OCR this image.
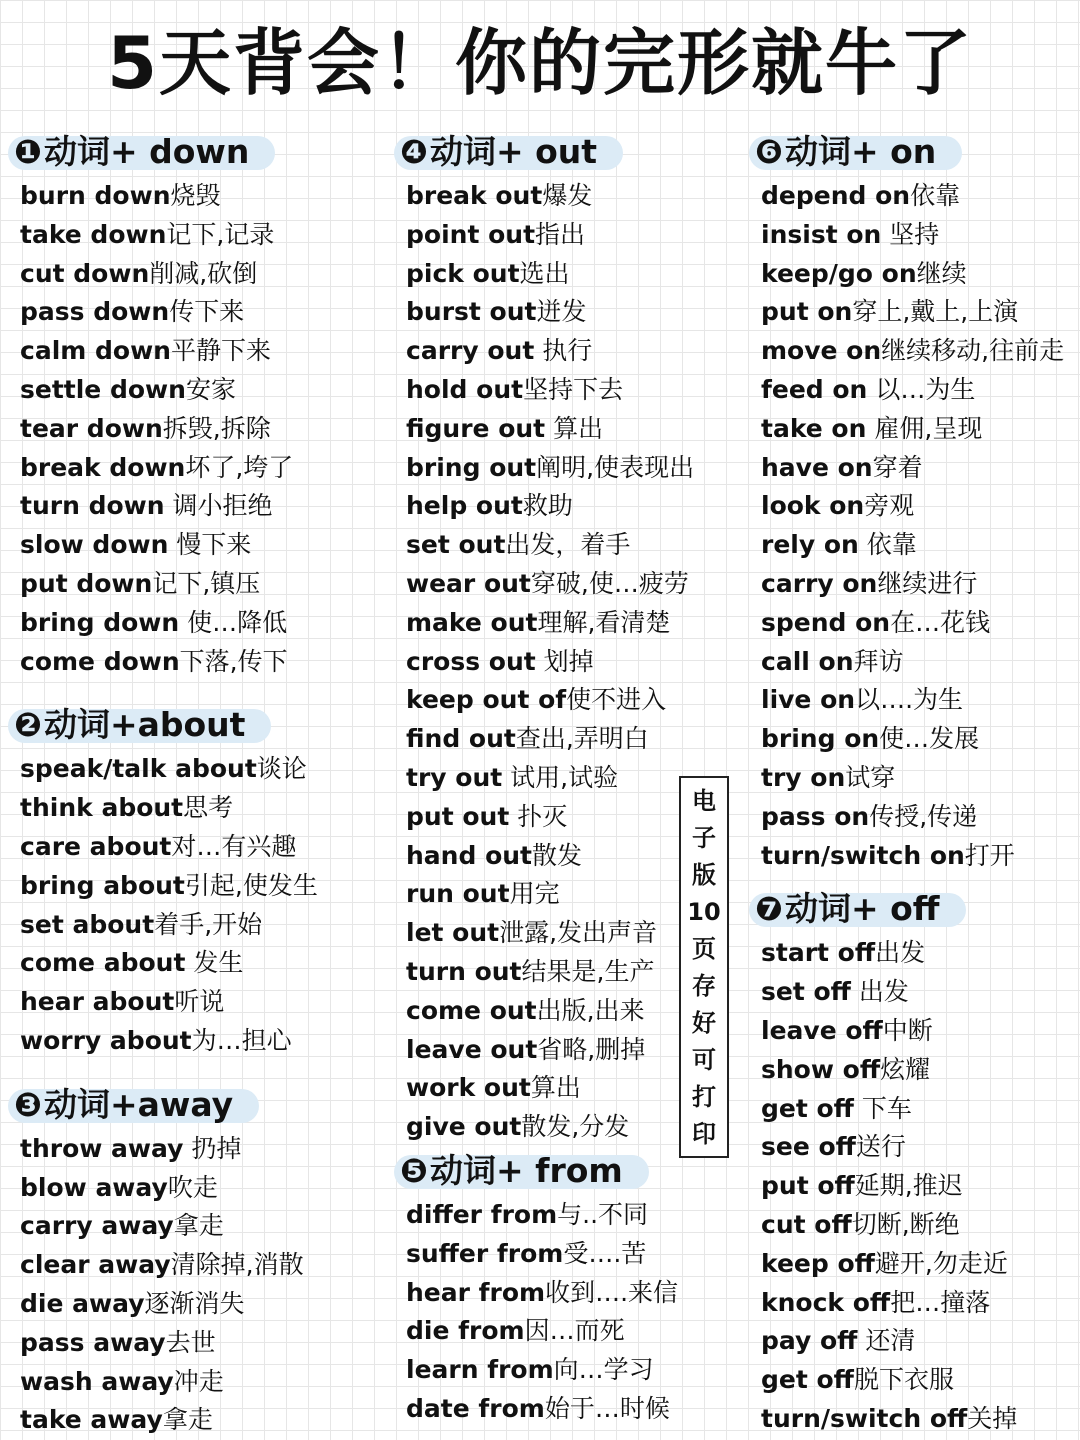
5天背会！你的完形就牛了
❶动词+ down
burn down烧毁
take down记下,记录
cut down削减,砍倒
pass down传下来
calm down平静下来
settle down安家
tear down拆毁,拆除
break down坏了,垮了
turn down 调小拒绝
slow down 慢下来
put down记下,镇压
bring down 使…降低
come down下落,传下
❷动词+about
speak/talk about谈论
think about思考
care about对…有兴趣
bring about引起,使发生
set about着手,开始
come about 发生
hear about听说
worry about为…担心
❸动词+away
throw away 扔掉
blow away吹走
carry away拿走
clear away清除掉,消散
die away逐渐消失
pass away去世
wash away冲走
take away拿走
❹动词+ out
break out爆发
point out指出
pick out选出
burst out迸发
carry out 执行
hold out坚持下去
figure out 算出
bring out阐明,使表现出
help out救助
set out出发，着手
wear out穿破,使…疲劳
make out理解,看清楚
cross out 划掉
keep out of使不进入
find out查出,弄明白
try out 试用,试验
put out 扑灭
hand out散发
run out用完
let out泄露,发出声音
turn out结果是,生产
come out出版,出来
leave out省略,删掉
work out算出
give out散发,分发
❺动词+ from
differ from与..不同
suffer from受….苦
hear from收到….来信
die from因…而死
learn from向…学习
date from始于…时候
❻动词+ on
depend on依靠
insist on 坚持
keep/go on继续
put on穿上,戴上,上演
move on继续移动,往前走
feed on 以…为生
take on 雇佣,呈现
have on穿着
look on旁观
rely on 依靠
carry on继续进行
spend on在…花钱
call on拜访
live on以….为生
bring on使…发展
try on试穿
pass on传授,传递
turn/switch on打开
❼动词+ off
start off出发
set off 出发
leave off中断
show off炫耀
get off 下车
see off送行
put off延期,推迟
cut off切断,断绝
keep off避开,勿走近
knock off把…撞落
pay off 还清
get off脱下衣服
turn/switch off关掉
电
子
版
10
页
存
好
可
打
印
